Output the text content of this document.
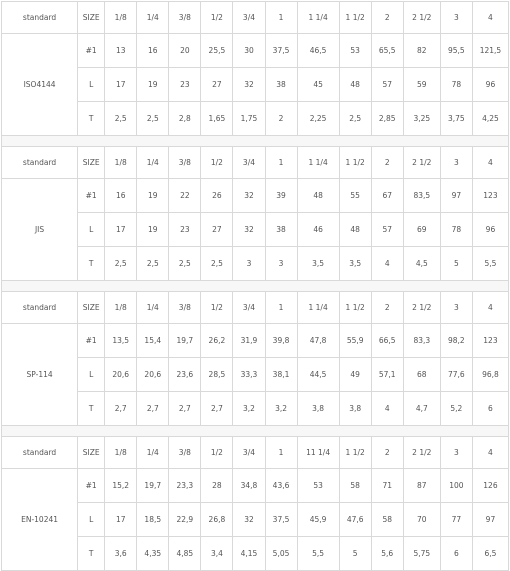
standard	SIZE	1/8	1/4	3/8	1/2	3/4	1	1 1/4	1 1/2	2	2 1/2	3	4
ISO4144	#1	13	16	20	25,5	30	37,5	46,5	53	65,5	82	95,5	121,5
	L	17	19	23	27	32	38	45	48	57	59	78	96
	T	2,5	2,5	2,8	1,65	1,75	2	2,25	2,5	2,85	3,25	3,75	4,25

standard	SIZE	1/8	1/4	3/8	1/2	3/4	1	1 1/4	1 1/2	2	2 1/2	3	4
JIS	#1	16	19	22	26	32	39	48	55	67	83,5	97	123
	L	17	19	23	27	32	38	46	48	57	69	78	96
	T	2,5	2,5	2,5	2,5	3	3	3,5	3,5	4	4,5	5	5,5

standard	SIZE	1/8	1/4	3/8	1/2	3/4	1	1 1/4	1 1/2	2	2 1/2	3	4
SP-114	#1	13,5	15,4	19,7	26,2	31,9	39,8	47,8	55,9	66,5	83,3	98,2	123
	L	20,6	20,6	23,6	28,5	33,3	38,1	44,5	49	57,1	68	77,6	96,8
	T	2,7	2,7	2,7	2,7	3,2	3,2	3,8	3,8	4	4,7	5,2	6

standard	SIZE	1/8	1/4	3/8	1/2	3/4	1	11 1/4	1 1/2	2	2 1/2	3	4
EN-10241	#1	15,2	19,7	23,3	28	34,8	43,6	53	58	71	87	100	126
	L	17	18,5	22,9	26,8	32	37,5	45,9	47,6	58	70	77	97
	T	3,6	4,35	4,85	3,4	4,15	5,05	5,5	5	5,6	5,75	6	6,5
